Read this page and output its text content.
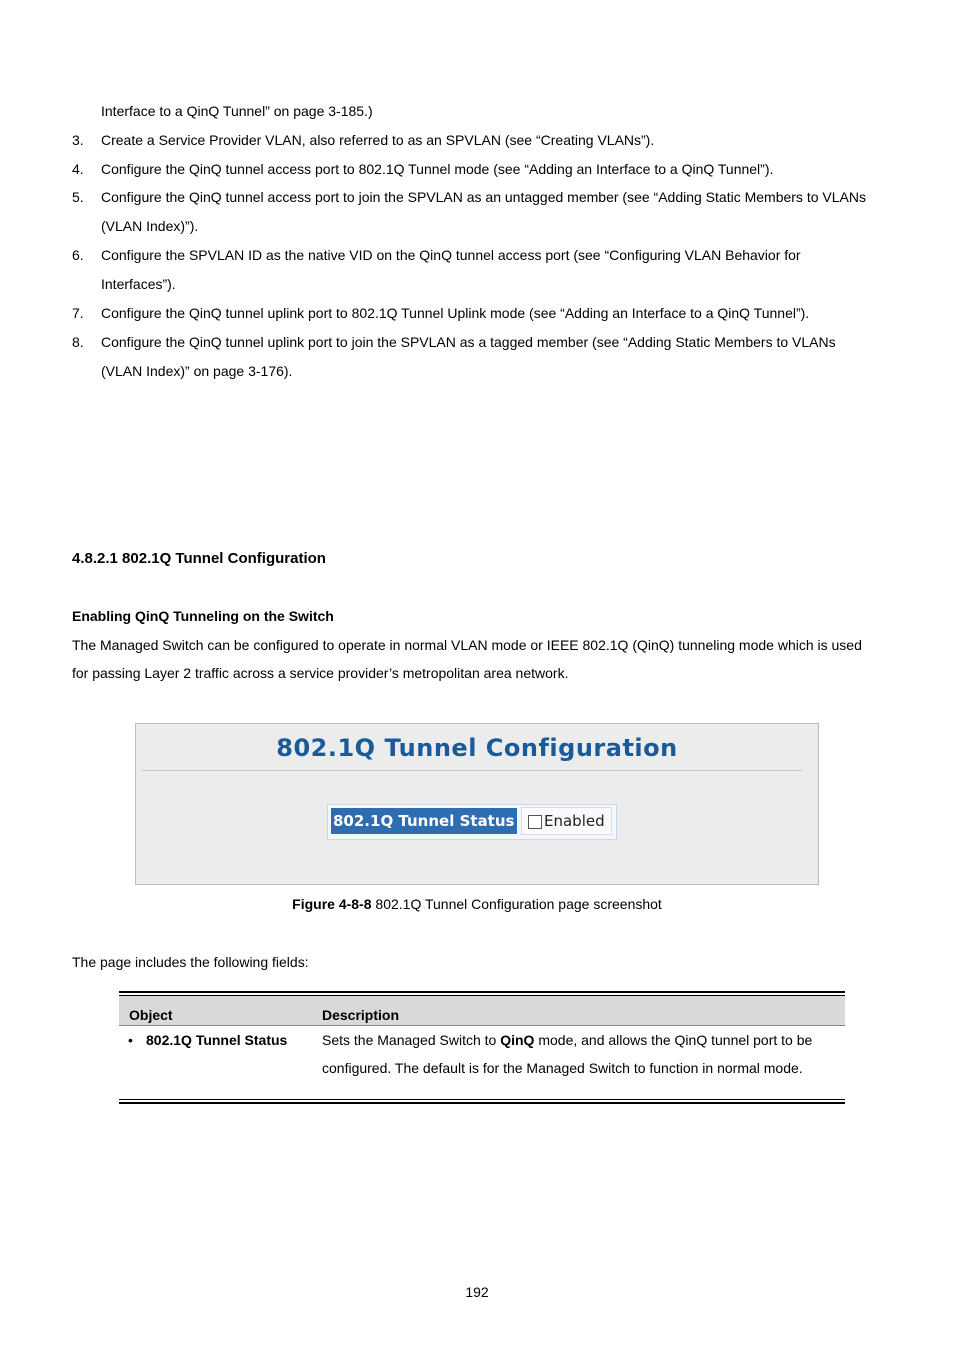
Interface to a QinQ Tunnel” on page 3-185.)
3. Create a Service Provider VLAN, also referred to as an SPVLAN (see “Creating VLANs”).
4. Configure the QinQ tunnel access port to 802.1Q Tunnel mode (see “Adding an Interface to a QinQ Tunnel”).
5. Configure the QinQ tunnel access port to join the SPVLAN as an untagged member (see “Adding Static Members to VLANs
(VLAN Index)”).
6. Configure the SPVLAN ID as the native VID on the QinQ tunnel access port (see “Configuring VLAN Behavior for
Interfaces”).
7. Configure the QinQ tunnel uplink port to 802.1Q Tunnel Uplink mode (see “Adding an Interface to a QinQ Tunnel”).
8. Configure the QinQ tunnel uplink port to join the SPVLAN as a tagged member (see “Adding Static Members to VLANs
(VLAN Index)” on page 3-176).
4.8.2.1 802.1Q Tunnel Configuration
Enabling QinQ Tunneling on the Switch
The Managed Switch can be configured to operate in normal VLAN mode or IEEE 802.1Q (QinQ) tunneling mode which is used
for passing Layer 2 traffic across a service provider’s metropolitan area network.
802.1Q Tunnel Configuration
802.1Q Tunnel Status Enabled
Figure 4-8-8 802.1Q Tunnel Configuration page screenshot
The page includes the following fields:
Object	Description
• 802.1Q Tunnel Status Sets the Managed Switch to QinQ mode, and allows the QinQ tunnel port to be
configured. The default is for the Managed Switch to function in normal mode.
192
